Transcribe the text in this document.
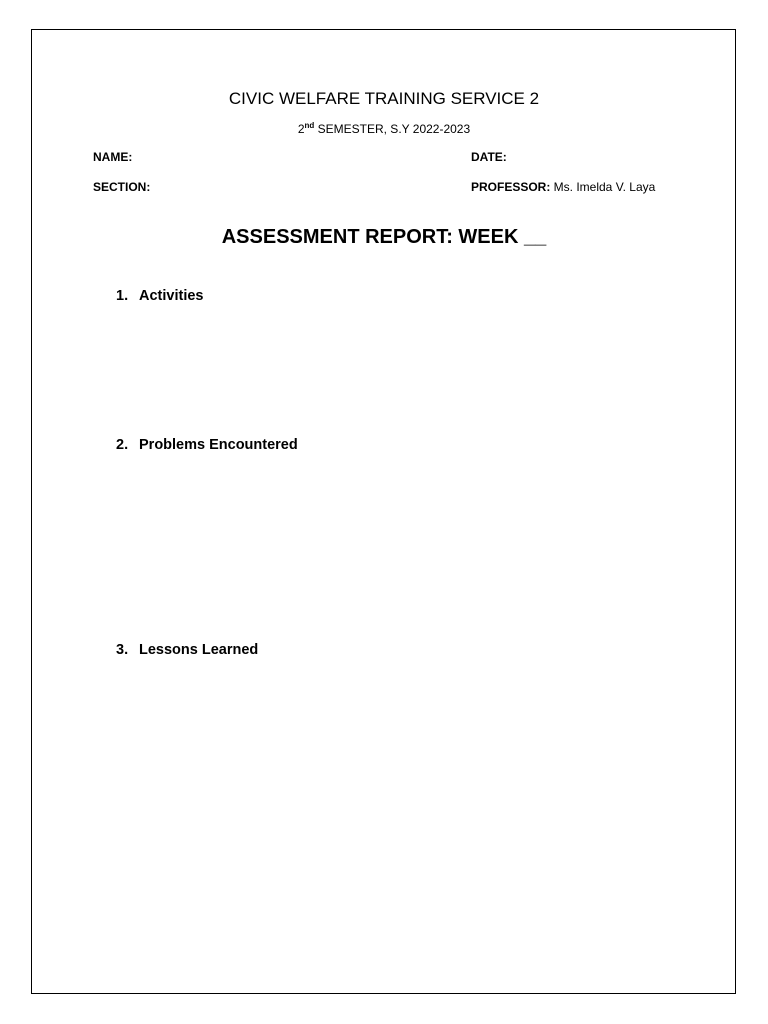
CIVIC WELFARE TRAINING SERVICE 2
2nd SEMESTER, S.Y 2022-2023
NAME:	DATE:
SECTION:	PROFESSOR: Ms. Imelda V. Laya
ASSESSMENT REPORT: WEEK __
1. Activities
2. Problems Encountered
3. Lessons Learned
